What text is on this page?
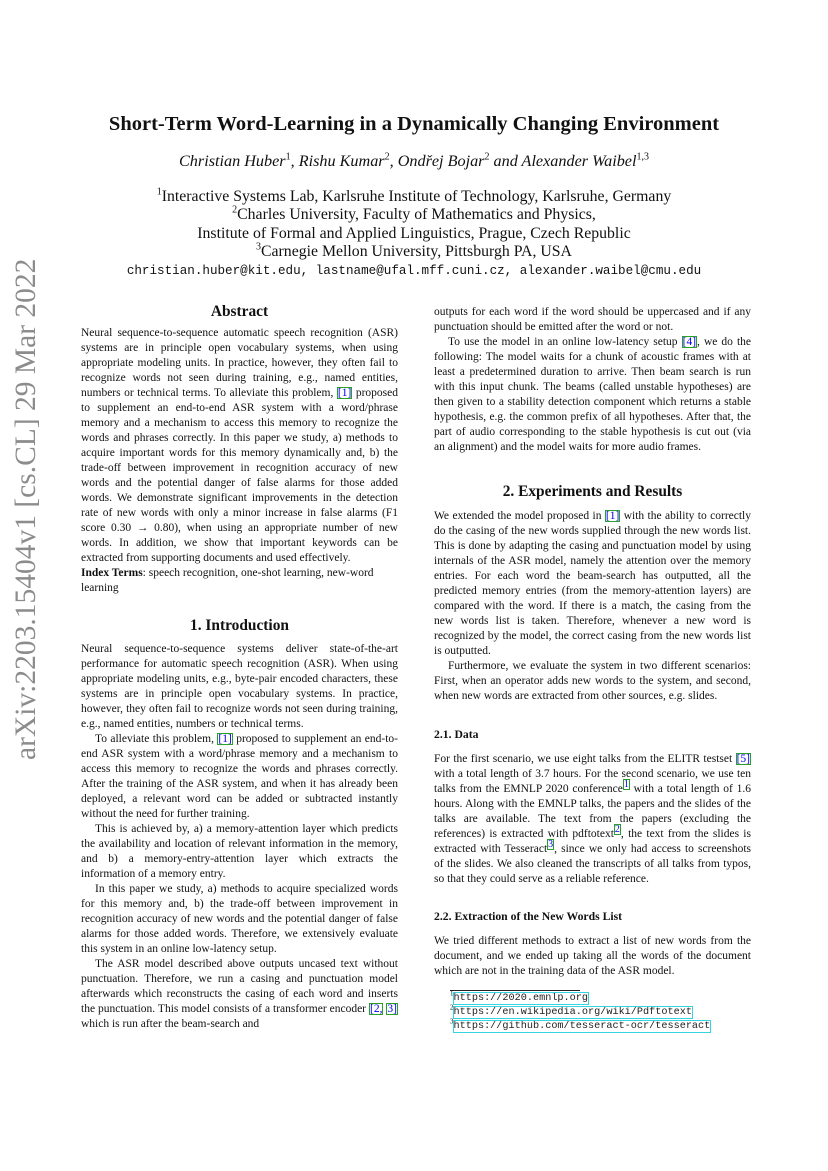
arXiv:2203.15404v1 [cs.CL] 29 Mar 2022
Short-Term Word-Learning in a Dynamically Changing Environment
Christian Huber$^1$, Rishu Kumar$^2$, Ondřej Bojar$^2$ and Alexander Waibel$^{1,3}$
$^1$Interactive Systems Lab, Karlsruhe Institute of Technology, Karlsruhe, Germany
$^2$Charles University, Faculty of Mathematics and Physics,
Institute of Formal and Applied Linguistics, Prague, Czech Republic
$^3$Carnegie Mellon University, Pittsburgh PA, USA
christian.huber@kit.edu, lastname@ufal.mff.cuni.cz, alexander.waibel@cmu.edu
Abstract

Neural sequence-to-sequence automatic speech recognition (ASR) systems are in principle open vocabulary systems, when using appropriate modeling units. In practice, however, they often fail to recognize words not seen during training, e.g., named entities, numbers or technical terms. To alleviate this problem, [1] proposed to supplement an end-to-end ASR system with a word/phrase memory and a mechanism to access this memory to recognize the words and phrases correctly. In this paper we study, a) methods to acquire important words for this memory dynamically and, b) the trade-off between improvement in recognition accuracy of new words and the potential danger of false alarms for those added words. We demonstrate significant improvements in the detection rate of new words with only a minor increase in false alarms (F1 score 0.30 → 0.80), when using an appropriate number of new words. In addition, we show that important keywords can be extracted from supporting documents and used effectively.

Index Terms: speech recognition, one-shot learning, new-word learning

1. Introduction

Neural sequence-to-sequence systems deliver state-of-the-art performance for automatic speech recognition (ASR). When using appropriate modeling units, e.g., byte-pair encoded characters, these systems are in principle open vocabulary systems. In practice, however, they often fail to recognize words not seen during training, e.g., named entities, numbers or technical terms.

To alleviate this problem, [1] proposed to supplement an end-to-end ASR system with a word/phrase memory and a mechanism to access this memory to recognize the words and phrases correctly. After the training of the ASR system, and when it has already been deployed, a relevant word can be added or subtracted instantly without the need for further training.

This is achieved by, a) a memory-attention layer which predicts the availability and location of relevant information in the memory, and b) a memory-entry-attention layer which extracts the information of a memory entry.

In this paper we study, a) methods to acquire specialized words for this memory and, b) the trade-off between improvement in recognition accuracy of new words and the potential danger of false alarms for those added words. Therefore, we extensively evaluate this system in an online low-latency setup.

The ASR model described above outputs uncased text without punctuation. Therefore, we run a casing and punctuation model afterwards which reconstructs the casing of each word and inserts the punctuation. This model consists of a transformer encoder [2, 3] which is run after the beam-search and

outputs for each word if the word should be uppercased and if any punctuation should be emitted after the word or not.

To use the model in an online low-latency setup [4], we do the following: The model waits for a chunk of acoustic frames with at least a predetermined duration to arrive. Then beam search is run with this input chunk. The beams (called unstable hypotheses) are then given to a stability detection component which returns a stable hypothesis, e.g. the common prefix of all hypotheses. After that, the part of audio corresponding to the stable hypothesis is cut out (via an alignment) and the model waits for more audio frames.

2. Experiments and Results

We extended the model proposed in [1] with the ability to correctly do the casing of the new words supplied through the new words list. This is done by adapting the casing and punctuation model by using internals of the ASR model, namely the attention over the memory entries. For each word the beam-search has outputted, all the predicted memory entries (from the memory-attention layers) are compared with the word. If there is a match, the casing from the new words list is taken. Therefore, whenever a new word is recognized by the model, the correct casing from the new words list is outputted.

Furthermore, we evaluate the system in two different scenarios: First, when an operator adds new words to the system, and second, when new words are extracted from other sources, e.g. slides.

2.1. Data

For the first scenario, we use eight talks from the ELITR testset [5] with a total length of 3.7 hours. For the second scenario, we use ten talks from the EMNLP 2020 conference$^1$ with a total length of 1.6 hours. Along with the EMNLP talks, the papers and the slides of the talks are available. The text from the papers (excluding the references) is extracted with pdftotext$^2$, the text from the slides is extracted with Tesseract$^3$, since we only had access to screenshots of the slides. We also cleaned the transcripts of all talks from typos, so that they could serve as a reliable reference.

2.2. Extraction of the New Words List

We tried different methods to extract a list of new words from the document, and we ended up taking all the words of the document which are not in the training data of the ASR model.

$^1$https://2020.emnlp.org
$^2$https://en.wikipedia.org/wiki/Pdftotext
$^3$https://github.com/tesseract-ocr/tesseract
